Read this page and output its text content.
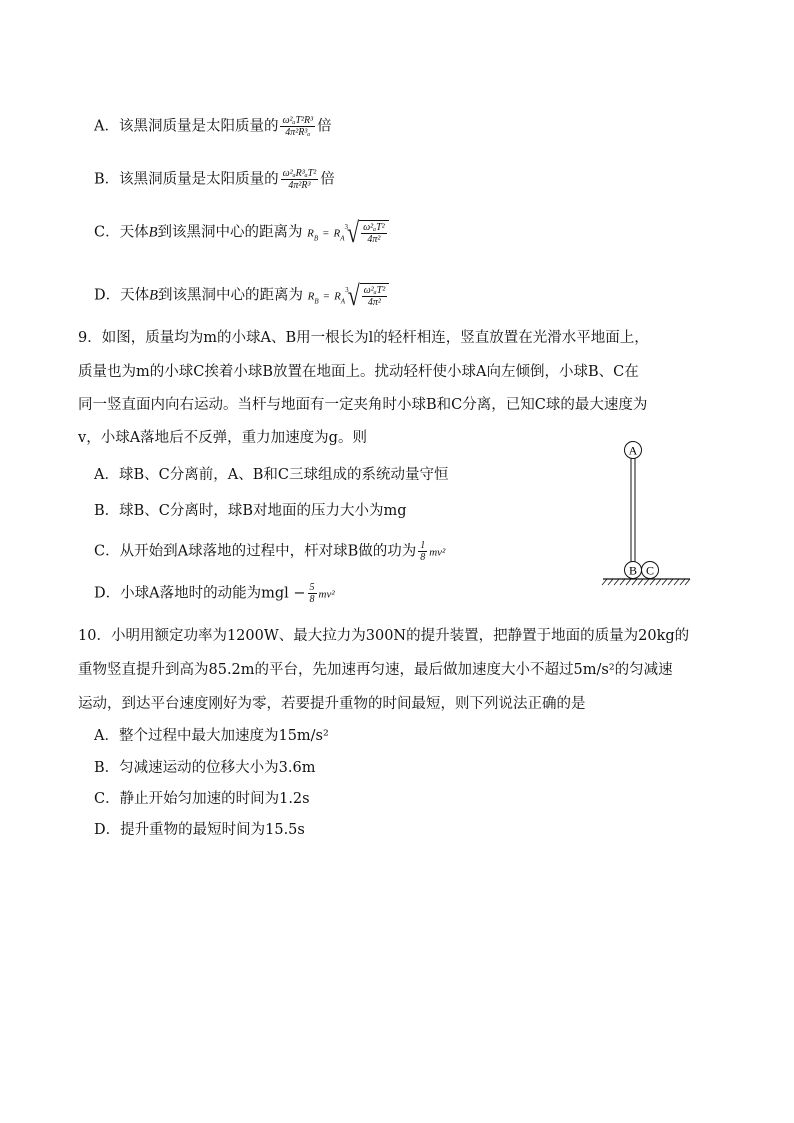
A．该黑洞质量是太阳质量的 $\frac{\text{ω²ₐT²R³}}{\text{4π²R³ₐ}}$ 倍
B．该黑洞质量是太阳质量的 $\frac{\text{ω²ₐR³ₐT²}}{\text{4π²R³}}$ 倍
C．天体B到该黑洞中心的距离为 $R_B = R_A$
3 √ $\frac{\text{ω²ₐT²}}{\text{4π²}}$
D．天体B到该黑洞中心的距离为 $R_B = R_A$
3 √ $\frac{\text{ω²ₐT²}}{\text{4π²}}$
9．如图，质量均为m的小球A、B用一根长为l的轻杆相连，竖直放置在光滑水平地面上，
质量也为m的小球C挨着小球B放置在地面上。扰动轻杆使小球A向左倾倒，小球B、C在
同一竖直面内向右运动。当杆与地面有一定夹角时小球B和C分离，已知C球的最大速度为
v，小球A落地后不反弹，重力加速度为g。则
A．球B、C分离前，A、B和C三球组成的系统动量守恒
B．球B、C分离时，球B对地面的压力大小为mg
C．从开始到A球落地的过程中，杆对球B做的功为 $\frac{1}{8} mv^2$
D．小球A落地时的动能为mgl − $\frac{5}{8} mv^2$
A
B C
10．小明用额定功率为1200W、最大拉力为300N的提升装置，把静置于地面的质量为20kg的
重物竖直提升到高为85.2m的平台，先加速再匀速，最后做加速度大小不超过5m/s²的匀减速
运动，到达平台速度刚好为零，若要提升重物的时间最短，则下列说法正确的是
A．整个过程中最大加速度为15m/s²
B．匀减速运动的位移大小为3.6m
C．静止开始匀加速的时间为1.2s
D．提升重物的最短时间为15.5s
